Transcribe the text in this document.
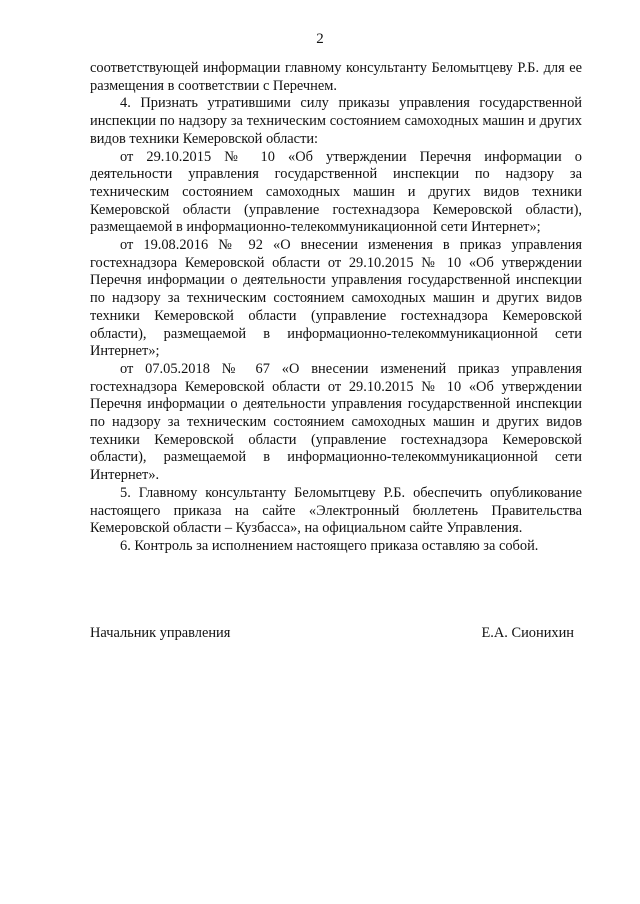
2

соответствующей информации главному консультанту Беломытцеву Р.Б. для ее размещения в соответствии с Перечнем.

4. Признать утратившими силу приказы управления государственной инспекции по надзору за техническим состоянием самоходных машин и других видов техники Кемеровской области:

от 29.10.2015 № 10 «Об утверждении Перечня информации о деятельности управления государственной инспекции по надзору за техническим состоянием самоходных машин и других видов техники Кемеровской области (управление гостехнадзора Кемеровской области), размещаемой в информационно-телекоммуникационной сети Интернет»;

от 19.08.2016 № 92 «О внесении изменения в приказ управления гостехнадзора Кемеровской области от 29.10.2015 № 10 «Об утверждении Перечня информации о деятельности управления государственной инспекции по надзору за техническим состоянием самоходных машин и других видов техники Кемеровской области (управление гостехнадзора Кемеровской области), размещаемой в информационно-телекоммуникационной сети Интернет»;

от 07.05.2018 № 67 «О внесении изменений приказ управления гостехнадзора Кемеровской области от 29.10.2015 № 10 «Об утверждении Перечня информации о деятельности управления государственной инспекции по надзору за техническим состоянием самоходных машин и других видов техники Кемеровской области (управление гостехнадзора Кемеровской области), размещаемой в информационно-телекоммуникационной сети Интернет».

5. Главному консультанту Беломытцеву Р.Б. обеспечить опубликование настоящего приказа на сайте «Электронный бюллетень Правительства Кемеровской области – Кузбасса», на официальном сайте Управления.

6. Контроль за исполнением настоящего приказа оставляю за собой.

Начальник управления	Е.А. Сионихин
